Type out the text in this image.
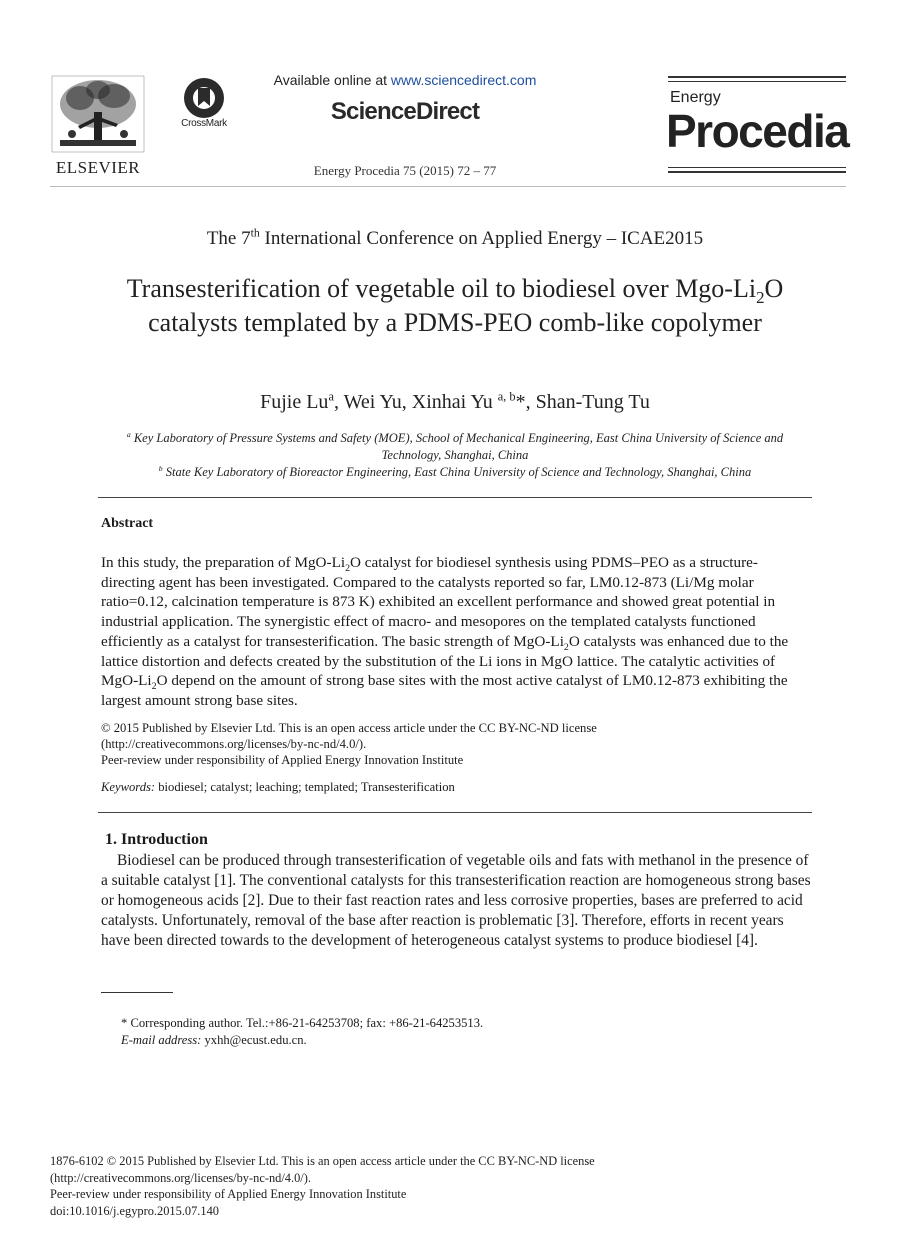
ELSEVIER
CrossMark
Available online at www.sciencedirect.com
ScienceDirect
Energy Procedia 75 (2015) 72 – 77
Energy
Procedia
The 7th International Conference on Applied Energy – ICAE2015
Transesterification of vegetable oil to biodiesel over Mgo-$Li_2O$ catalysts templated by a PDMS-PEO comb-like copolymer
Fujie Lu$^a$, Wei Yu, Xinhai Yu $^{a, b}$*, Shan-Tung Tu
$^a$ Key Laboratory of Pressure Systems and Safety (MOE), School of Mechanical Engineering, East China University of Science and Technology, Shanghai, China
$^b$ State Key Laboratory of Bioreactor Engineering, East China University of Science and Technology, Shanghai, China
Abstract
In this study, the preparation of MgO-$Li_2O$ catalyst for biodiesel synthesis using PDMS–PEO as a structure-directing agent has been investigated. Compared to the catalysts reported so far, LM0.12-873 (Li/Mg molar ratio=0.12, calcination temperature is 873 K) exhibited an excellent performance and showed great potential in industrial application. The synergistic effect of macro- and mesopores on the templated catalysts functioned efficiently as a catalyst for transesterification. The basic strength of MgO-$Li_2O$ catalysts was enhanced due to the lattice distortion and defects created by the substitution of the Li ions in MgO lattice. The catalytic activities of MgO-$Li_2O$ depend on the amount of strong base sites with the most active catalyst of LM0.12-873 exhibiting the largest amount strong base sites.
© 2015 Published by Elsevier Ltd. This is an open access article under the CC BY-NC-ND license
(http://creativecommons.org/licenses/by-nc-nd/4.0/).
Peer-review under responsibility of Applied Energy Innovation Institute
Keywords: biodiesel; catalyst; leaching; templated; Transesterification
1. Introduction
Biodiesel can be produced through transesterification of vegetable oils and fats with methanol in the presence of a suitable catalyst [1]. The conventional catalysts for this transesterification reaction are homogeneous strong bases or homogeneous acids [2]. Due to their fast reaction rates and less corrosive properties, bases are preferred to acid catalysts. Unfortunately, removal of the base after reaction is problematic [3]. Therefore, efforts in recent years have been directed towards to the development of heterogeneous catalyst systems to produce biodiesel [4].
* Corresponding author. Tel.:+86-21-64253708; fax: +86-21-64253513.
E-mail address: yxhh@ecust.edu.cn.
1876-6102 © 2015 Published by Elsevier Ltd. This is an open access article under the CC BY-NC-ND license
(http://creativecommons.org/licenses/by-nc-nd/4.0/).
Peer-review under responsibility of Applied Energy Innovation Institute
doi:10.1016/j.egypro.2015.07.140
